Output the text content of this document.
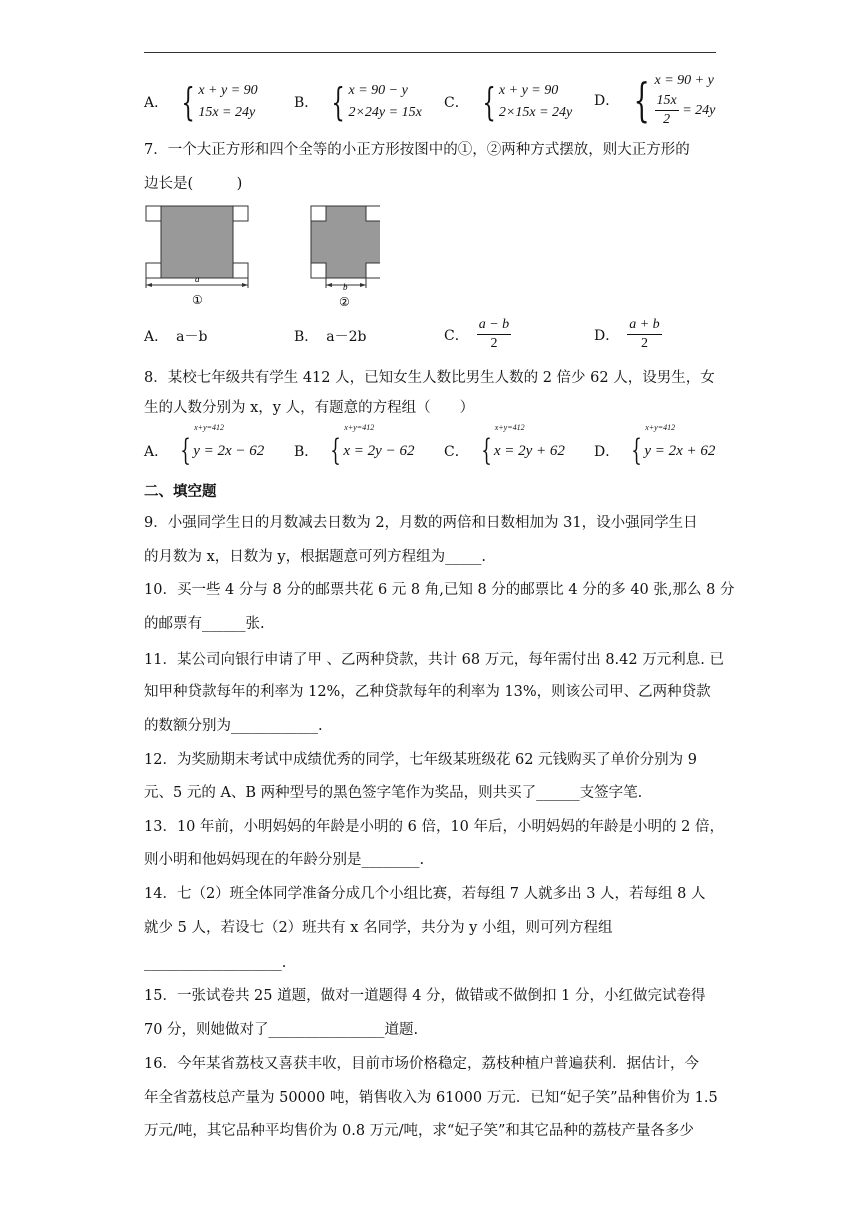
A． { x + y = 90
15x = 24y
B． { x = 90 − y
2×24y = 15x
C． { x + y = 90
2×15x = 24y
D． { x = 90 + y
$\frac{15x}{2}$
= 24y
7．一个大正方形和四个全等的小正方形按图中的①，②两种方式摆放，则大正方形的
边长是(　　　)
a
①
b
②
A． a－b	B． a－2b	C． $\frac{a - b}{2}$	D． $\frac{a + b}{2}$
8．某校七年级共有学生 412 人，已知女生人数比男生人数的 2 倍少 62 人，设男生，女
生的人数分别为 x，y 人，有题意的方程组（　　）
A． {
x+y=412
y = 2x − 62 B． {
x+y=412
x = 2y − 62 C． {
x+y=412
x = 2y + 62 D． {
x+y=412
y = 2x + 62
二、填空题
9．小强同学生日的月数减去日数为 2，月数的两倍和日数相加为 31，设小强同学生日
的月数为 x，日数为 y，根据题意可列方程组为_____.
10．买一些 4 分与 8 分的邮票共花 6 元 8 角,已知 8 分的邮票比 4 分的多 40 张,那么 8 分
的邮票有______张.
11．某公司向银行申请了甲 、乙两种贷款，共计 68 万元，每年需付出 8.42 万元利息. 已
知甲种贷款每年的利率为 12%，乙种贷款每年的利率为 13%，则该公司甲、乙两种贷款
的数额分别为____________.
12．为奖励期末考试中成绩优秀的同学，七年级某班级花 62 元钱购买了单价分别为 9
元、5 元的 A、B 两种型号的黑色签字笔作为奖品，则共买了______支签字笔.
13．10 年前，小明妈妈的年龄是小明的 6 倍，10 年后，小明妈妈的年龄是小明的 2 倍，
则小明和他妈妈现在的年龄分别是________.
14．七（2）班全体同学准备分成几个小组比赛，若每组 7 人就多出 3 人，若每组 8 人
就少 5 人，若设七（2）班共有 x 名同学，共分为 y 小组，则可列方程组
___________________.
15．一张试卷共 25 道题，做对一道题得 4 分，做错或不做倒扣 1 分，小红做完试卷得
70 分，则她做对了________________道题.
16．今年某省荔枝又喜获丰收，目前市场价格稳定，荔枝种植户普遍获利．据估计，今
年全省荔枝总产量为 50000 吨，销售收入为 61000 万元．已知“妃子笑”品种售价为 1.5
万元/吨，其它品种平均售价为 0.8 万元/吨，求“妃子笑”和其它品种的荔枝产量各多少
